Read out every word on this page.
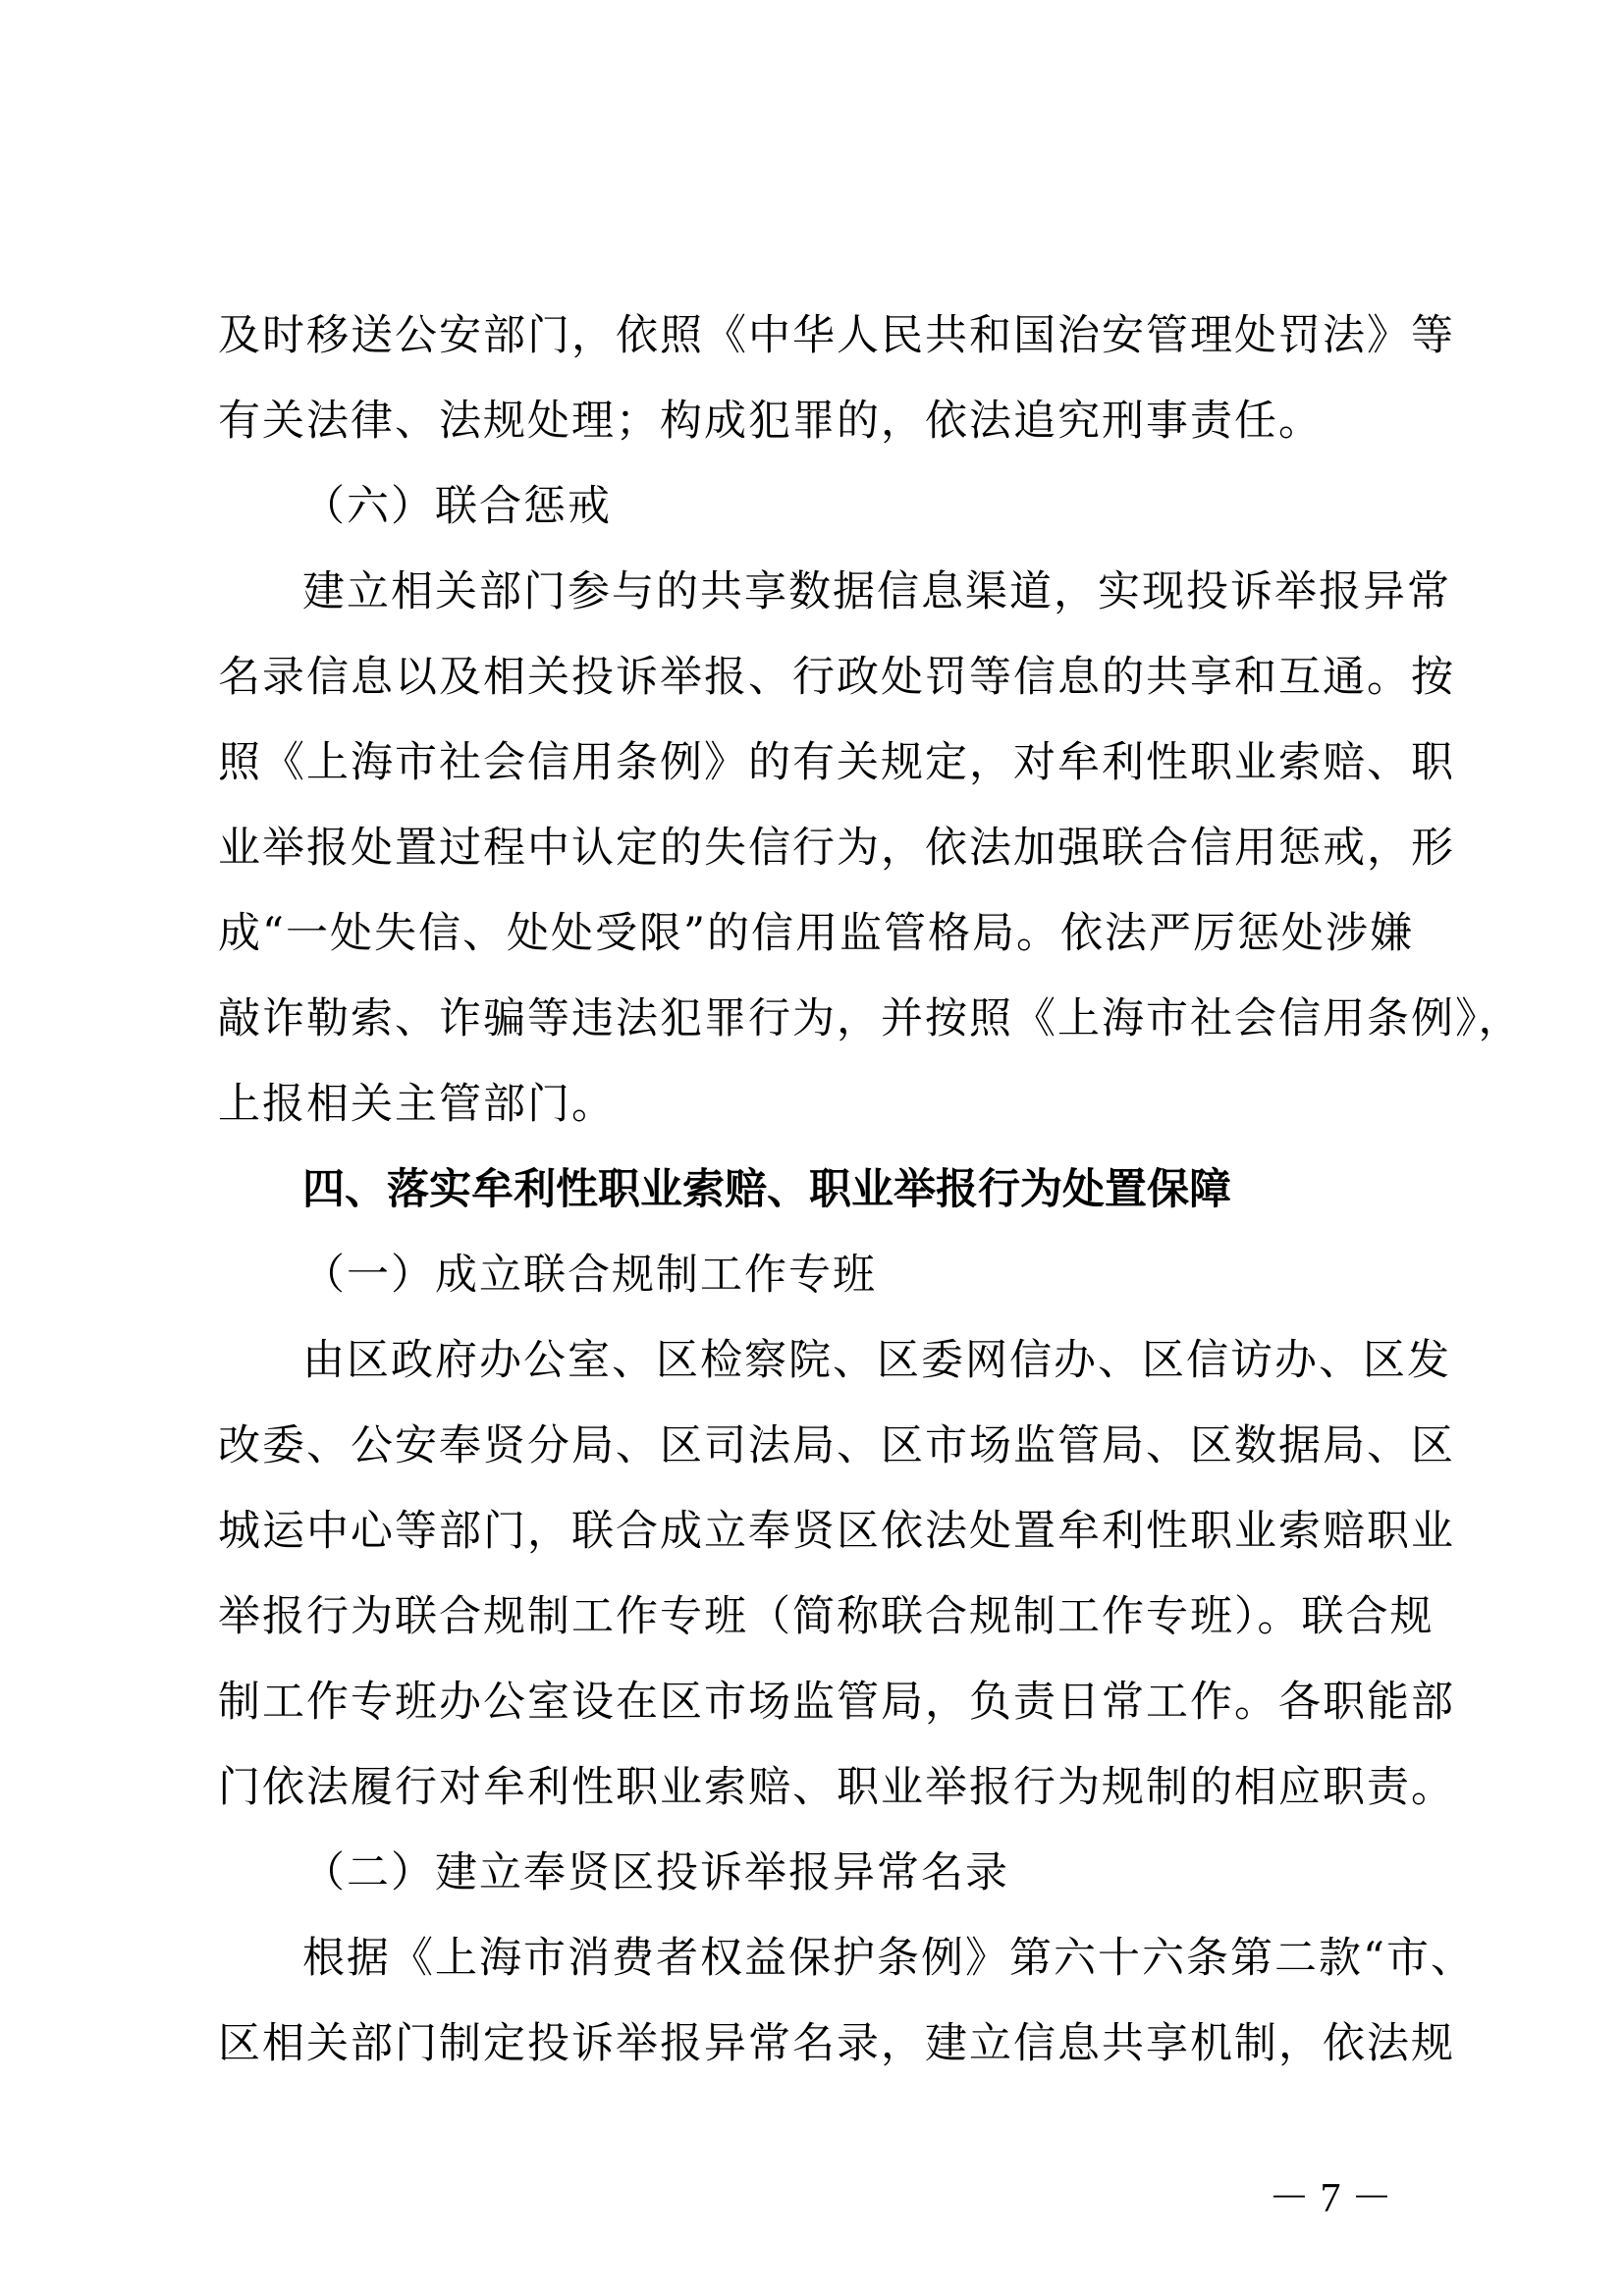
及时移送公安部门，依照《中华人民共和国治安管理处罚法》等
有关法律、法规处理；构成犯罪的，依法追究刑事责任。
（六）联合惩戒
建立相关部门参与的共享数据信息渠道，实现投诉举报异常
名录信息以及相关投诉举报、行政处罚等信息的共享和互通。按
照《上海市社会信用条例》的有关规定，对牟利性职业索赔、职
业举报处置过程中认定的失信行为，依法加强联合信用惩戒，形
成“一处失信、处处受限”的信用监管格局。依法严厉惩处涉嫌
敲诈勒索、诈骗等违法犯罪行为，并按照《上海市社会信用条例》，
上报相关主管部门。
四、落实牟利性职业索赔、职业举报行为处置保障
（一）成立联合规制工作专班
由区政府办公室、区检察院、区委网信办、区信访办、区发
改委、公安奉贤分局、区司法局、区市场监管局、区数据局、区
城运中心等部门，联合成立奉贤区依法处置牟利性职业索赔职业
举报行为联合规制工作专班（简称联合规制工作专班）。联合规
制工作专班办公室设在区市场监管局，负责日常工作。各职能部
门依法履行对牟利性职业索赔、职业举报行为规制的相应职责。
（二）建立奉贤区投诉举报异常名录
根据《上海市消费者权益保护条例》第六十六条第二款“市、
区相关部门制定投诉举报异常名录，建立信息共享机制，依法规
－ 7 －
